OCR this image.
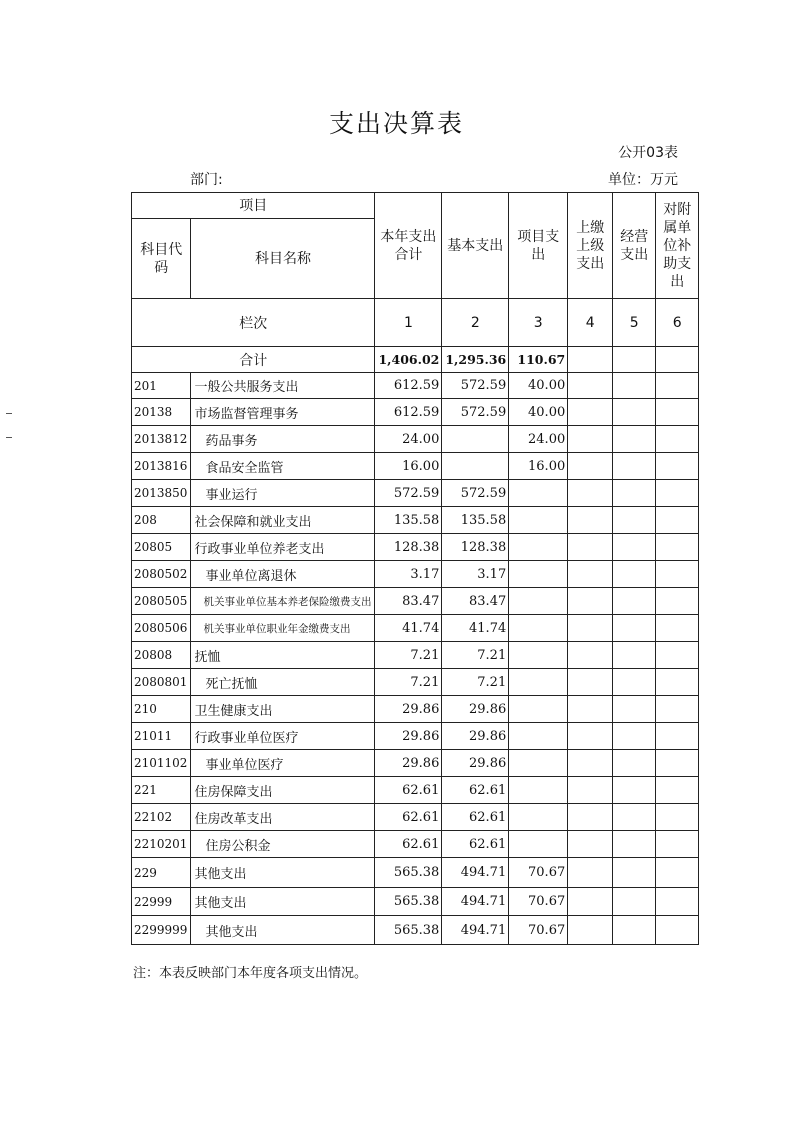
支出决算表
公开03表
部门:	单位：万元
项目		本年支出合计	基本支出	项目支出	上缴上级支出	经营支出	对附属单位补助支出
科目代码	科目名称						
栏次		1	2	3	4	5	6
合计		1,406.02	1,295.36	110.67			
201	一般公共服务支出	612.59	572.59	40.00			
20138	市场监督管理事务	612.59	572.59	40.00			
2013812	药品事务	24.00		24.00			
2013816	食品安全监管	16.00		16.00			
2013850	事业运行	572.59	572.59				
208	社会保障和就业支出	135.58	135.58				
20805	行政事业单位养老支出	128.38	128.38				
2080502	事业单位离退休	3.17	3.17				
2080505	机关事业单位基本养老保险缴费支出	83.47	83.47				
2080506	机关事业单位职业年金缴费支出	41.74	41.74				
20808	抚恤	7.21	7.21				
2080801	死亡抚恤	7.21	7.21				
210	卫生健康支出	29.86	29.86				
21011	行政事业单位医疗	29.86	29.86				
2101102	事业单位医疗	29.86	29.86				
221	住房保障支出	62.61	62.61				
22102	住房改革支出	62.61	62.61				
2210201	住房公积金	62.61	62.61				
229	其他支出	565.38	494.71	70.67			
22999	其他支出	565.38	494.71	70.67			
2299999	其他支出	565.38	494.71	70.67			
注：本表反映部门本年度各项支出情况。
